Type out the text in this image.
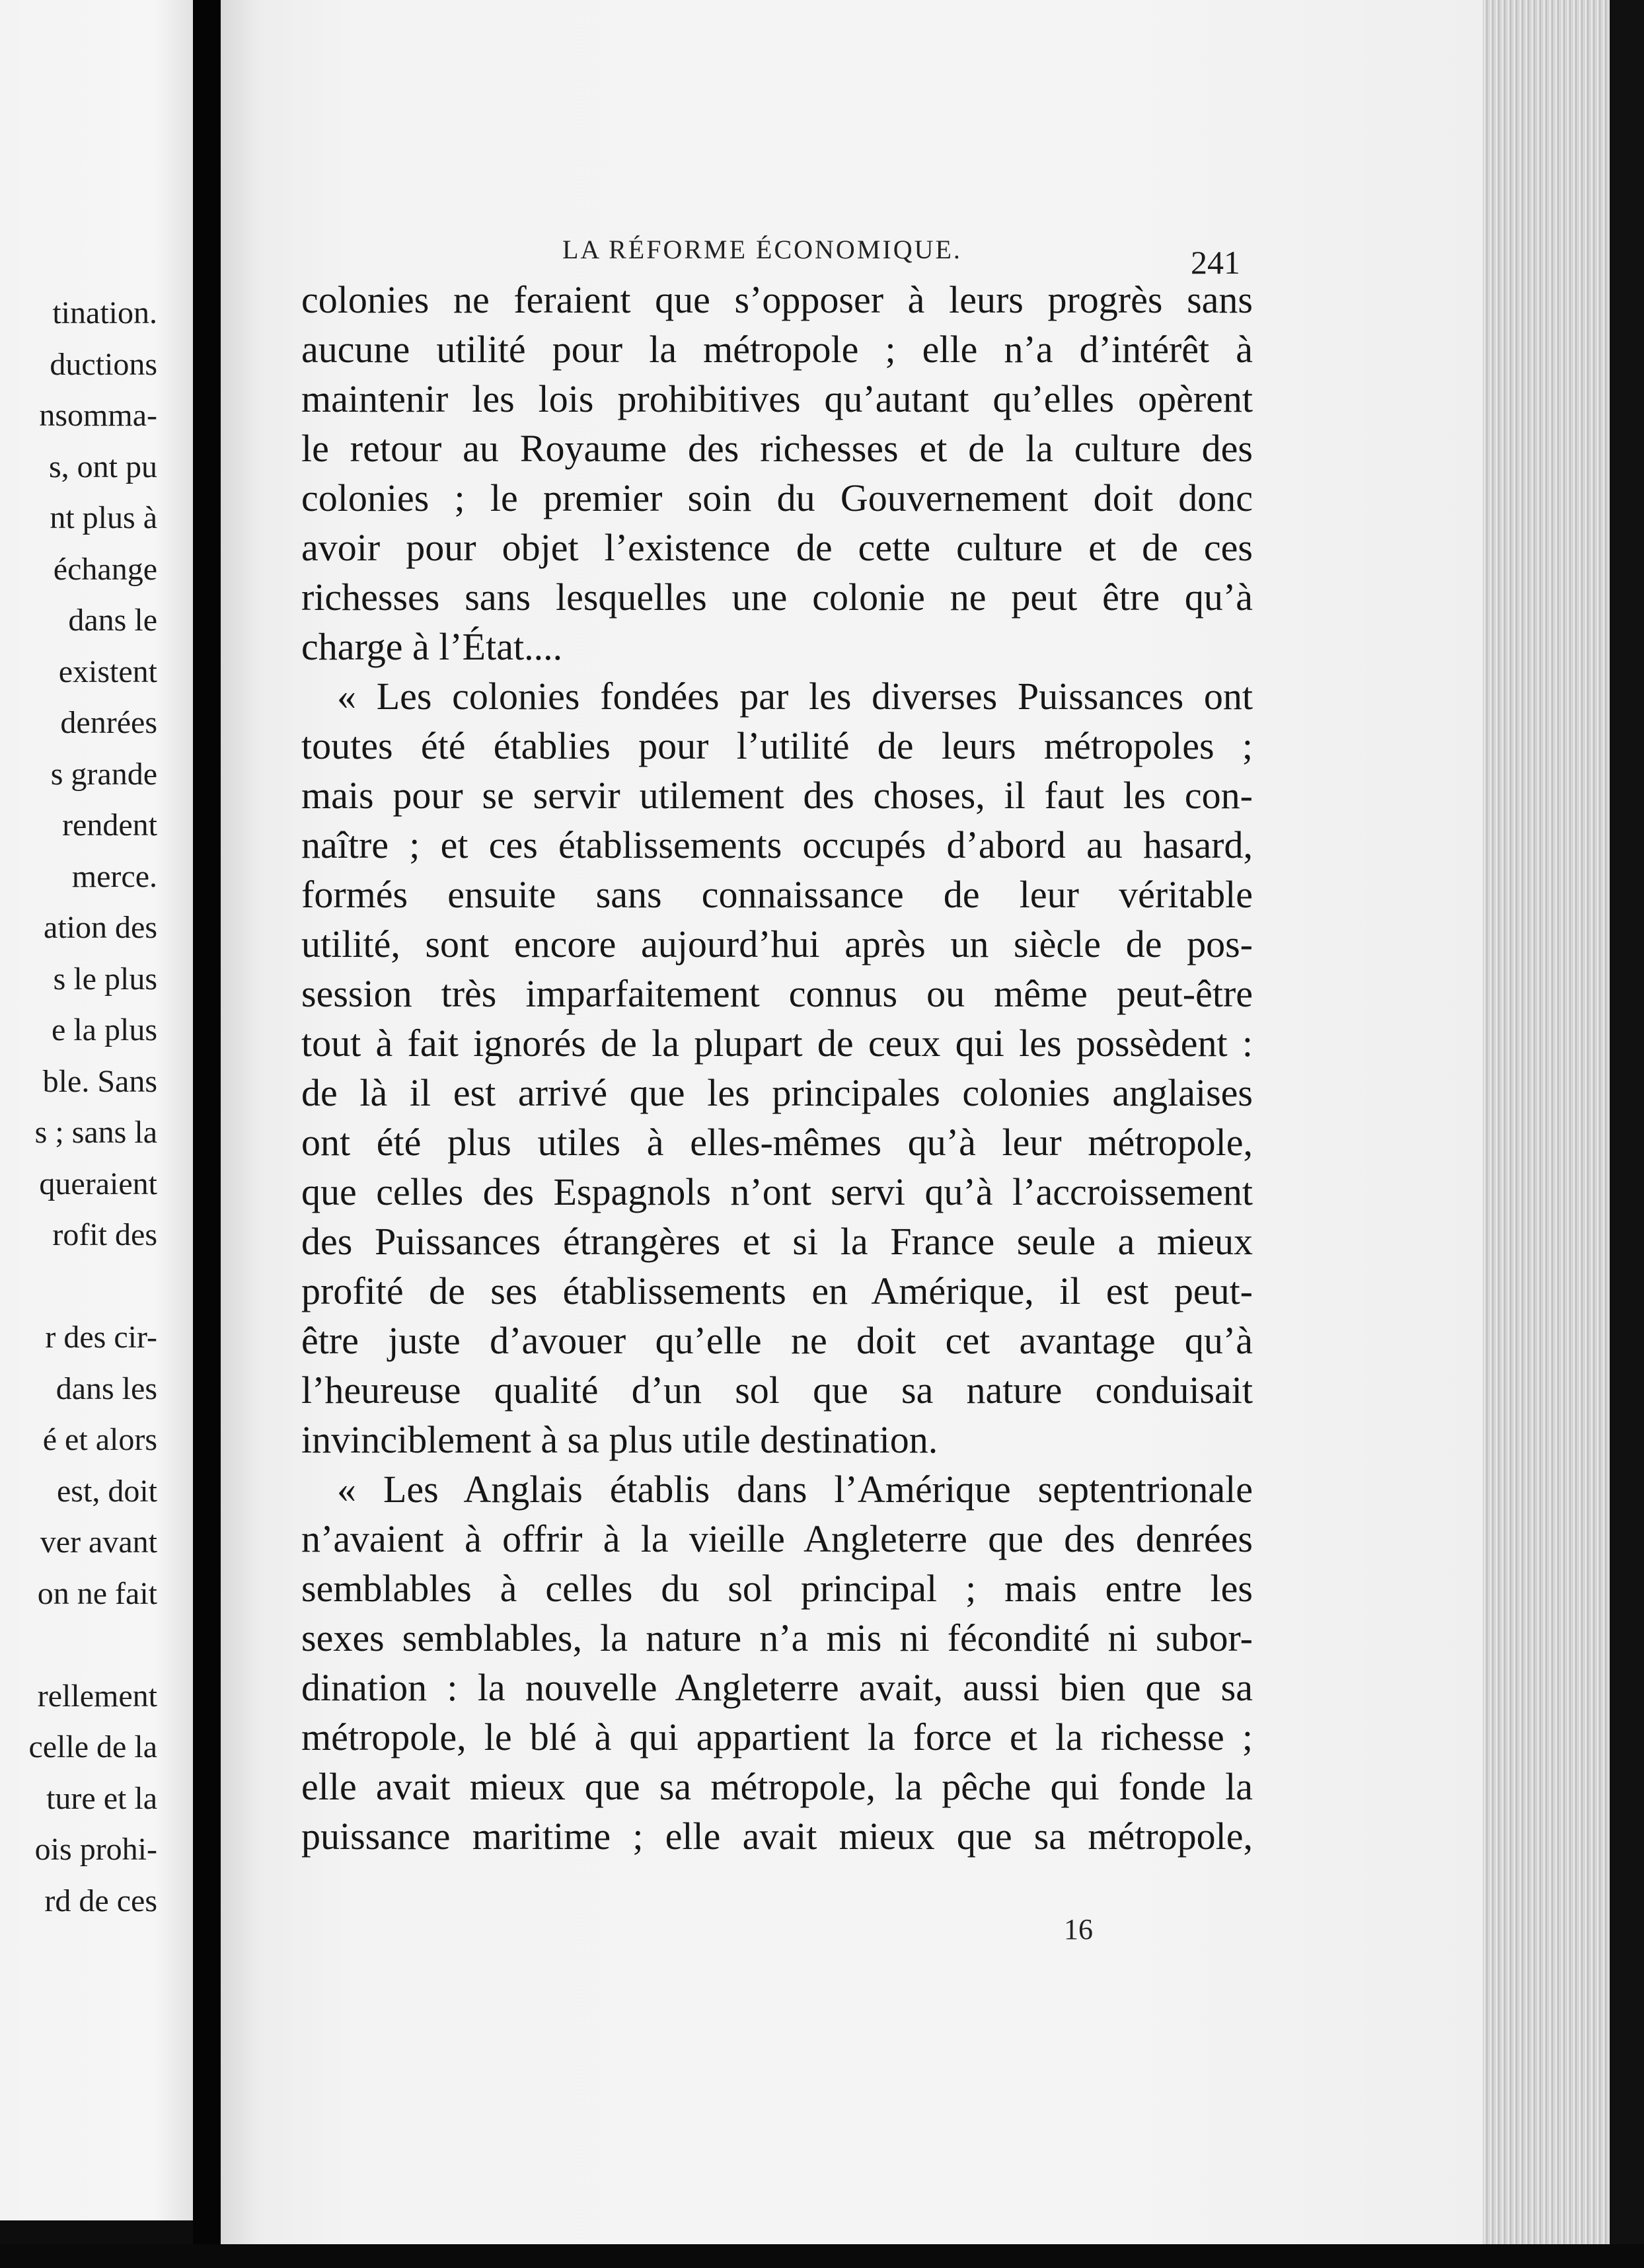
tination.
ductions
nsomma-
s, ont pu
nt plus à
échange
dans le
existent
denrées
s grande
rendent
merce.
ation des
s le plus
e la plus
ble. Sans
s ; sans la
queraient
rofit des
r des cir-
dans les
é et alors
est, doit
ver avant
on ne fait
rellement
celle de la
ture et la
ois prohi-
rd de ces
LA RÉFORME ÉCONOMIQUE.	241
colonies ne feraient que s’opposer à leurs progrès sans
aucune utilité pour la métropole ; elle n’a d’intérêt à
maintenir les lois prohibitives qu’autant qu’elles opèrent
le retour au Royaume des richesses et de la culture des
colonies ; le premier soin du Gouvernement doit donc
avoir pour objet l’existence de cette culture et de ces
richesses sans lesquelles une colonie ne peut être qu’à
charge à l’État....
« Les colonies fondées par les diverses Puissances ont
toutes été établies pour l’utilité de leurs métropoles ;
mais pour se servir utilement des choses, il faut les con-
naître ; et ces établissements occupés d’abord au hasard,
formés ensuite sans connaissance de leur véritable
utilité, sont encore aujourd’hui après un siècle de pos-
session très imparfaitement connus ou même peut-être
tout à fait ignorés de la plupart de ceux qui les possèdent :
de là il est arrivé que les principales colonies anglaises
ont été plus utiles à elles-mêmes qu’à leur métropole,
que celles des Espagnols n’ont servi qu’à l’accroissement
des Puissances étrangères et si la France seule a mieux
profité de ses établissements en Amérique, il est peut-
être juste d’avouer qu’elle ne doit cet avantage qu’à
l’heureuse qualité d’un sol que sa nature conduisait
invinciblement à sa plus utile destination.
« Les Anglais établis dans l’Amérique septentrionale
n’avaient à offrir à la vieille Angleterre que des denrées
semblables à celles du sol principal ; mais entre les
sexes semblables, la nature n’a mis ni fécondité ni subor-
dination : la nouvelle Angleterre avait, aussi bien que sa
métropole, le blé à qui appartient la force et la richesse ;
elle avait mieux que sa métropole, la pêche qui fonde la
puissance maritime ; elle avait mieux que sa métropole,
16
